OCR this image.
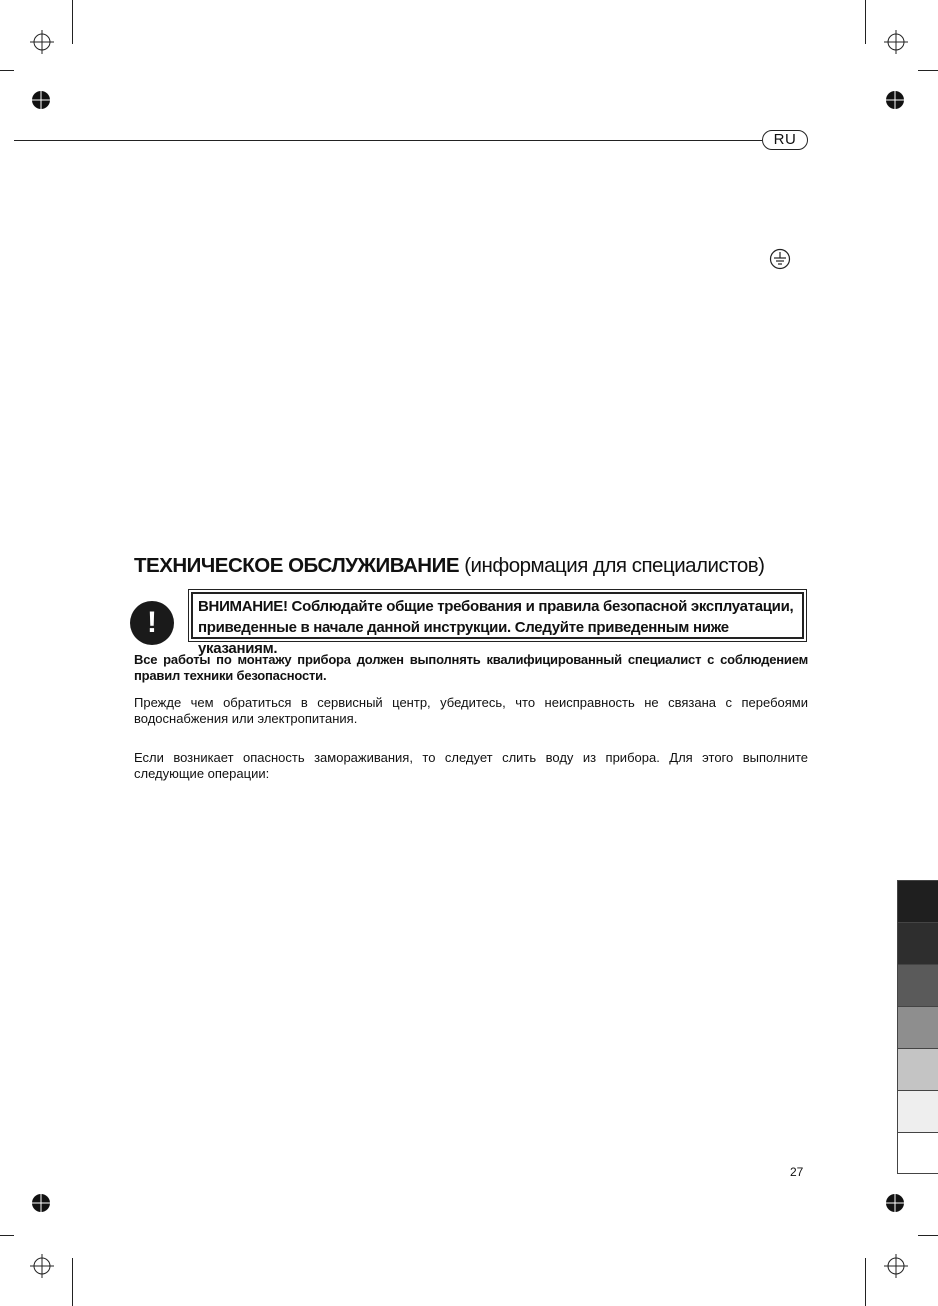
RU
ТЕХНИЧЕСКОЕ ОБСЛУЖИВАНИЕ (информация для специалистов)
!	ВНИМАНИЕ! Соблюдайте общие требования и правила безопасной эксплуатации,
приведенные в начале данной инструкции. Следуйте приведенным ниже указаниям.
Все работы по монтажу прибора должен выполнять квалифицированный специалист с соблюдением правил техники безопасности.
Прежде чем обратиться в сервисный центр, убедитесь, что неисправность не связана с перебоями водоснабжения или электропитания.
Если возникает опасность замораживания, то следует слить воду из прибора. Для этого выполните следующие операции:
27
